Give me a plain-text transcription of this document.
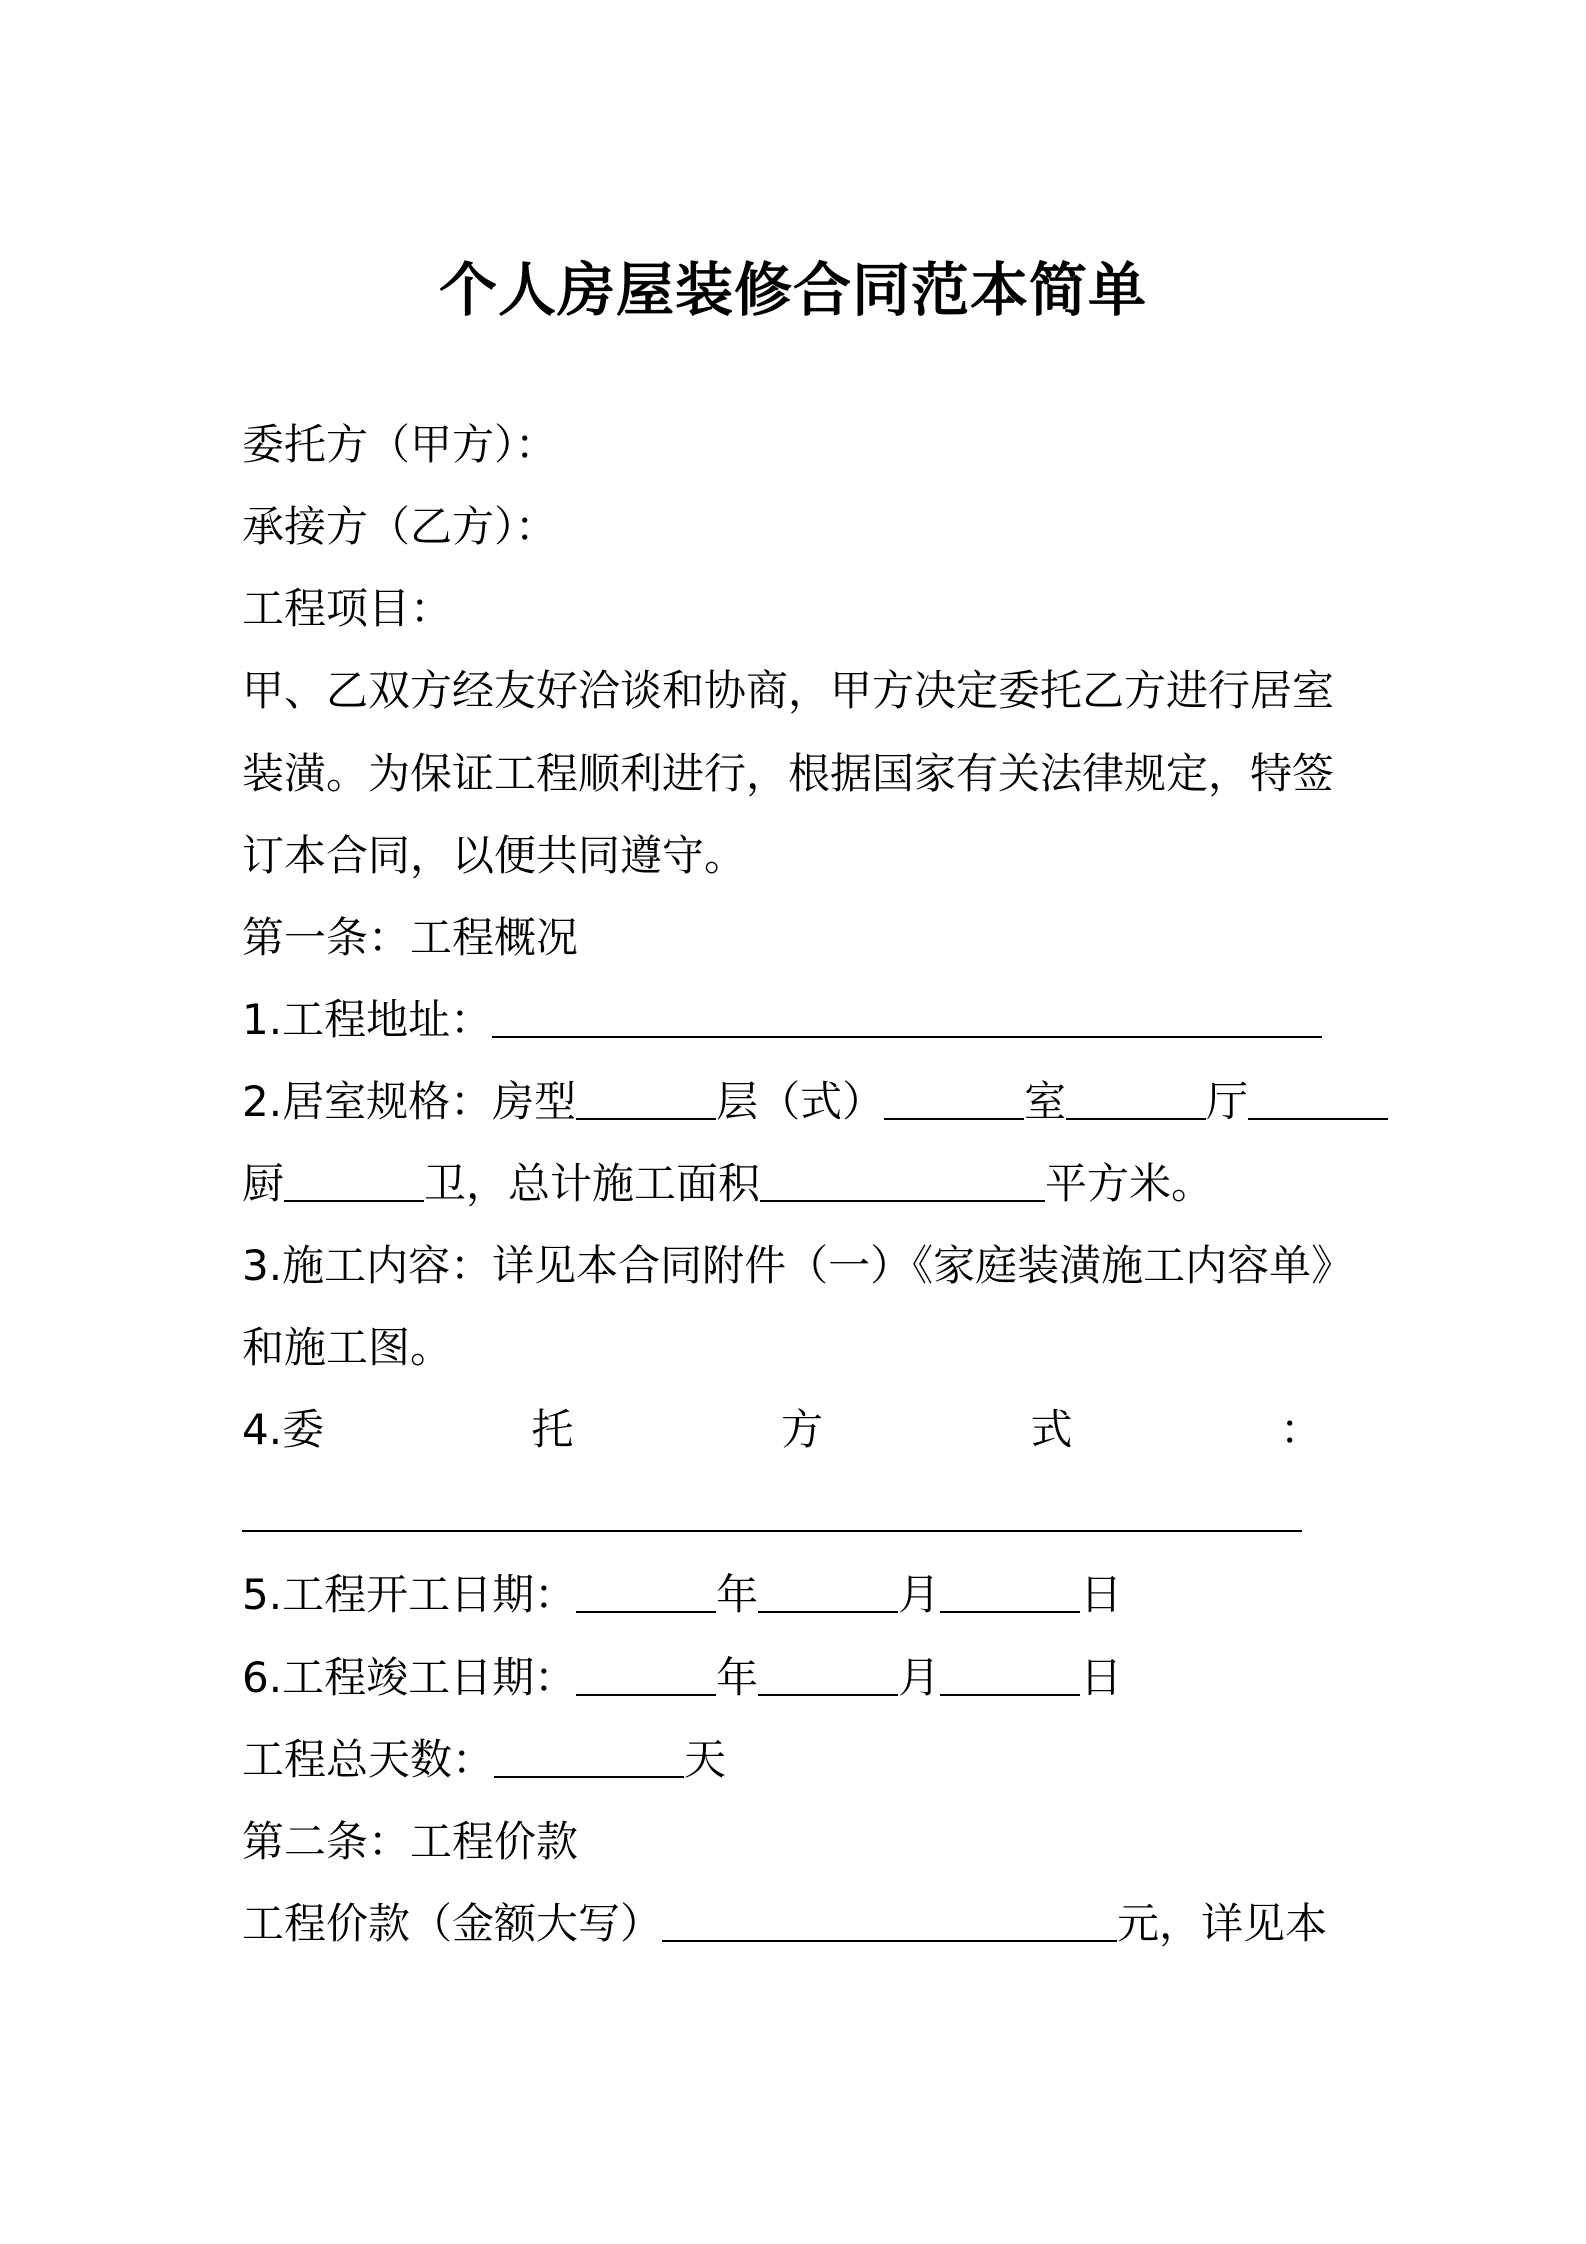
个人房屋装修合同范本简单
委托方（甲方）：
承接方（乙方）：
工程项目：
甲、乙双方经友好洽谈和协商，甲方决定委托乙方进行居室
装潢。为保证工程顺利进行，根据国家有关法律规定，特签
订本合同，以便共同遵守。
第一条：工程概况
1.工程地址：
2.居室规格：房型	层（式）	室	厅
厨	卫，总计施工面积	平方米。
3.施工内容：详见本合同附件（一）《家庭装潢施工内容单》
和施工图。
4.委	托	方	式	：
5.工程开工日期：	年	月	日
6.工程竣工日期：	年	月	日
工程总天数：	天
第二条：工程价款
工程价款（金额大写）	元，详见本
